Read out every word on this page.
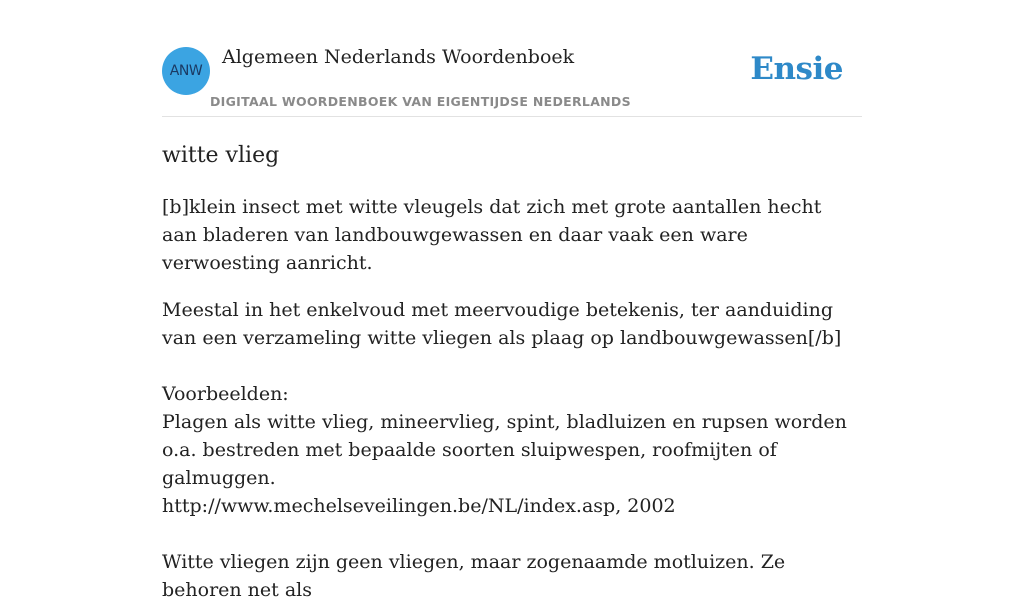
ANW
Algemeen Nederlands Woordenboek
DIGITAAL WOORDENBOEK VAN EIGENTIJDSE NEDERLANDS
Ensie
witte vlieg

[b]klein insect met witte vleugels dat zich met grote aantallen hecht aan bladeren van landbouwgewassen en daar vaak een ware verwoesting aanricht.

Meestal in het enkelvoud met meervoudige betekenis, ter aanduiding van een verzameling witte vliegen als plaag op landbouwgewassen[/b]

Voorbeelden:

Plagen als witte vlieg, mineervlieg, spint, bladluizen en rupsen worden o.a. bestreden met bepaalde soorten sluipwespen, roofmijten of galmuggen.

http://www.mechelseveilingen.be/NL/index.asp, 2002

Witte vliegen zijn geen vliegen, maar zogenaamde motluizen. Ze behoren net als
